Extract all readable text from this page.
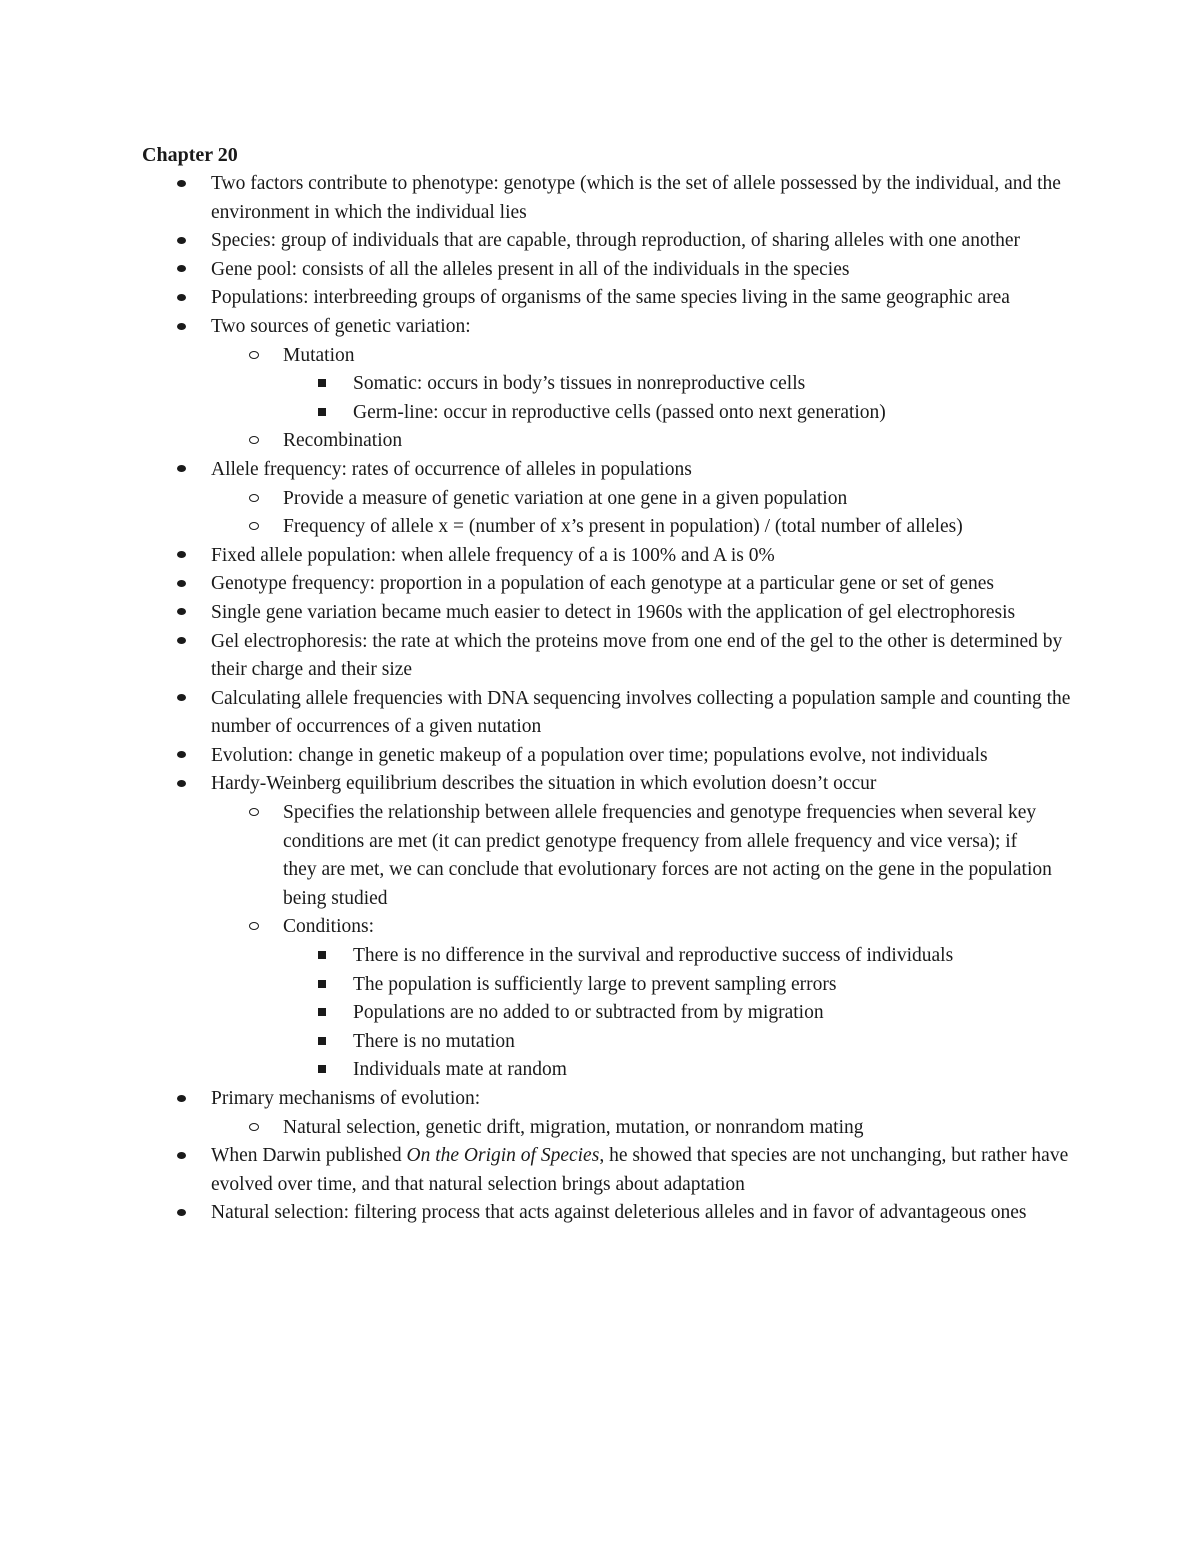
Chapter 20
Two factors contribute to phenotype: genotype (which is the set of allele possessed by the individual, and the environment in which the individual lies
Species: group of individuals that are capable, through reproduction, of sharing alleles with one another
Gene pool: consists of all the alleles present in all of the individuals in the species
Populations: interbreeding groups of organisms of the same species living in the same geographic area
Two sources of genetic variation:
Mutation
Somatic: occurs in body’s tissues in nonreproductive cells
Germ-line: occur in reproductive cells (passed onto next generation)
Recombination
Allele frequency: rates of occurrence of alleles in populations
Provide a measure of genetic variation at one gene in a given population
Frequency of allele x = (number of x’s present in population) / (total number of alleles)
Fixed allele population: when allele frequency of a is 100% and A is 0%
Genotype frequency: proportion in a population of each genotype at a particular gene or set of genes
Single gene variation became much easier to detect in 1960s with the application of gel electrophoresis
Gel electrophoresis: the rate at which the proteins move from one end of the gel to the other is determined by their charge and their size
Calculating allele frequencies with DNA sequencing involves collecting a population sample and counting the number of occurrences of a given nutation
Evolution: change in genetic makeup of a population over time; populations evolve, not individuals
Hardy-Weinberg equilibrium describes the situation in which evolution doesn’t occur
Specifies the relationship between allele frequencies and genotype frequencies when several key conditions are met (it can predict genotype frequency from allele frequency and vice versa); if they are met, we can conclude that evolutionary forces are not acting on the gene in the population being studied
Conditions:
There is no difference in the survival and reproductive success of individuals
The population is sufficiently large to prevent sampling errors
Populations are no added to or subtracted from by migration
There is no mutation
Individuals mate at random
Primary mechanisms of evolution:
Natural selection, genetic drift, migration, mutation, or nonrandom mating
When Darwin published On the Origin of Species, he showed that species are not unchanging, but rather have evolved over time, and that natural selection brings about adaptation
Natural selection: filtering process that acts against deleterious alleles and in favor of advantageous ones
